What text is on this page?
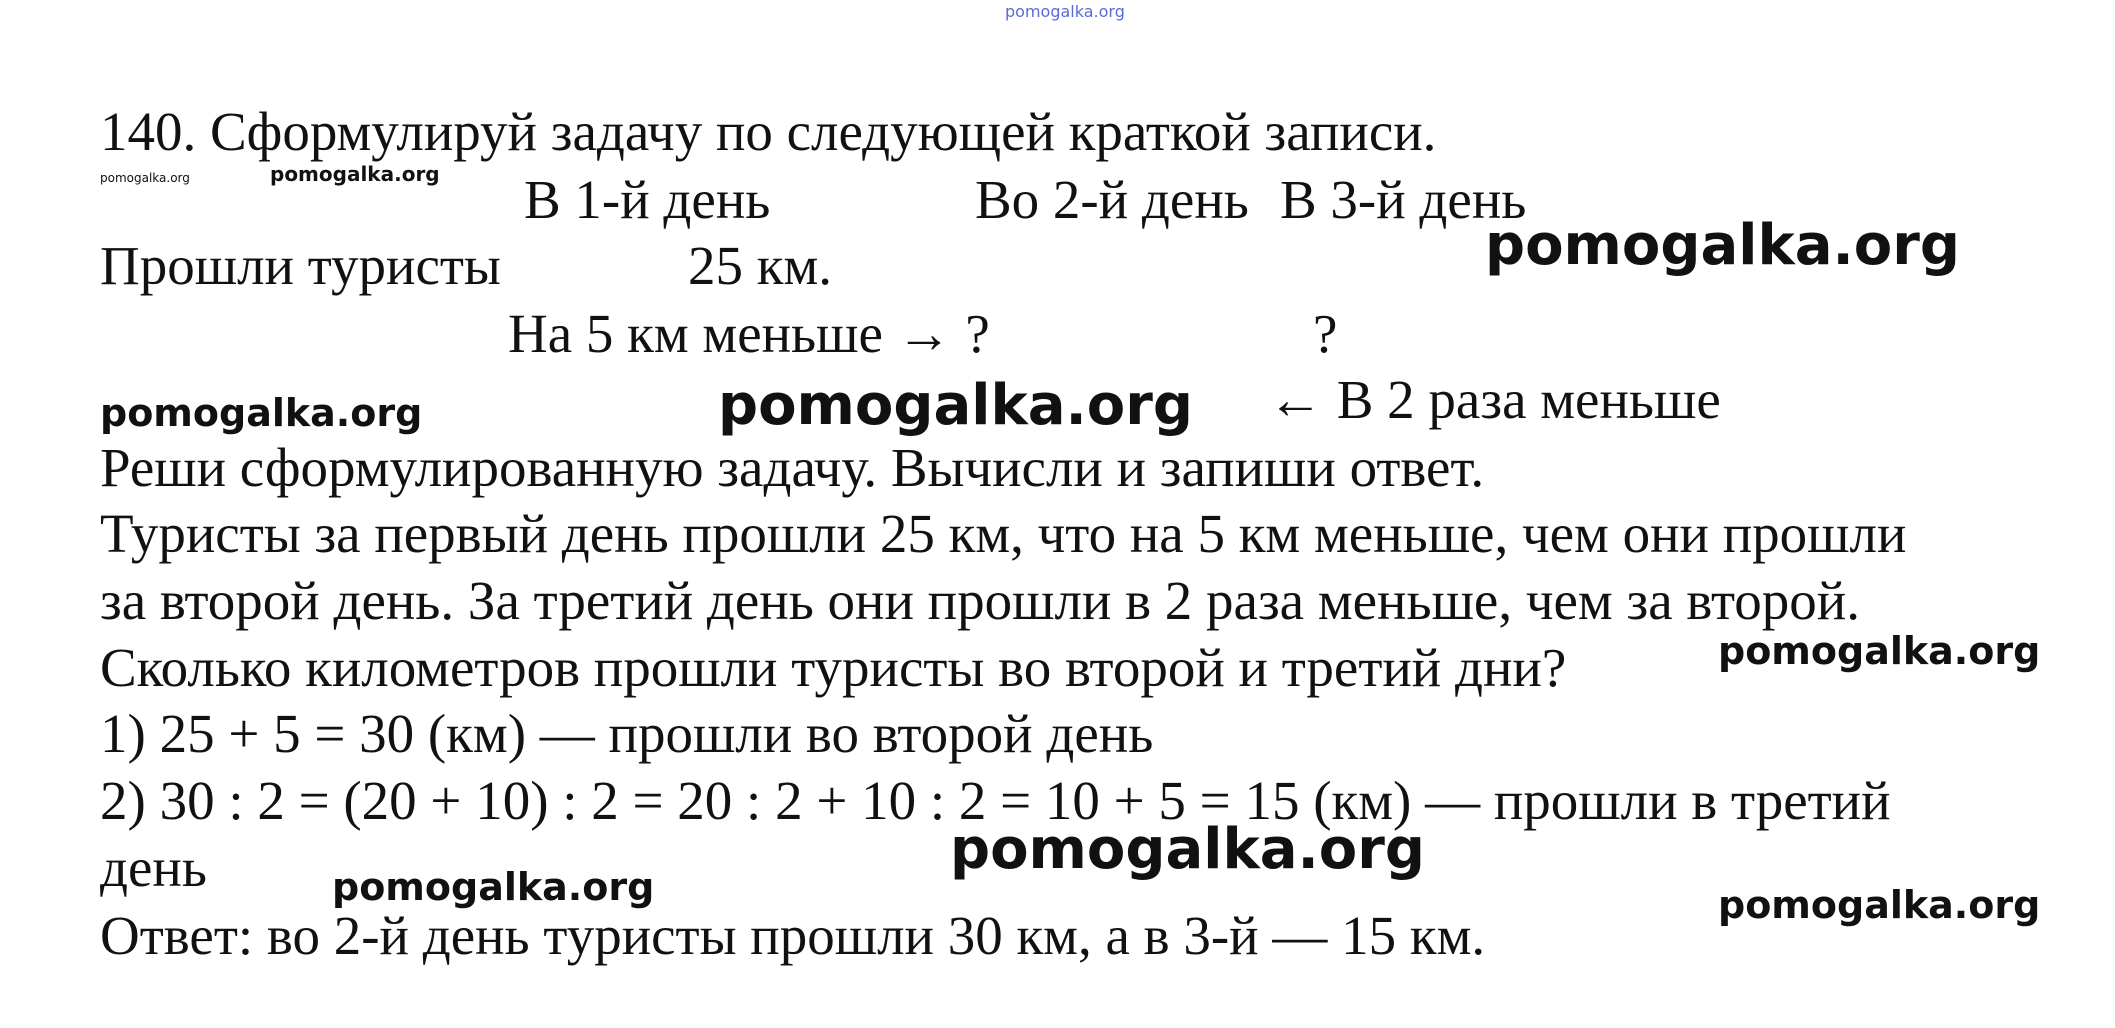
pomogalka.org
140. Сформулируй задачу по следующей краткой записи.
pomogalka.org	pomogalka.org В 1-й день	Во 2-й день В 3-й день
Прошли туристы	25 км.	pomogalka.org
На 5 км меньше → ?	?
pomogalka.org	pomogalka.org ← В 2 раза меньше
Реши сформулированную задачу. Вычисли и запиши ответ.
Туристы за первый день прошли 25 км, что на 5 км меньше, чем они прошли
за второй день. За третий день они прошли в 2 раза меньше, чем за второй.
Сколько километров прошли туристы во второй и третий дни?	pomogalka.org
1) 25 + 5 = 30 (км) — прошли во второй день
2) 30 : 2 = (20 + 10) : 2 = 20 : 2 + 10 : 2 = 10 + 5 = 15 (км) — прошли в третий
день	pomogalka.org
pomogalka.org	pomogalka.org
Ответ: во 2-й день туристы прошли 30 км, а в 3-й — 15 км.
